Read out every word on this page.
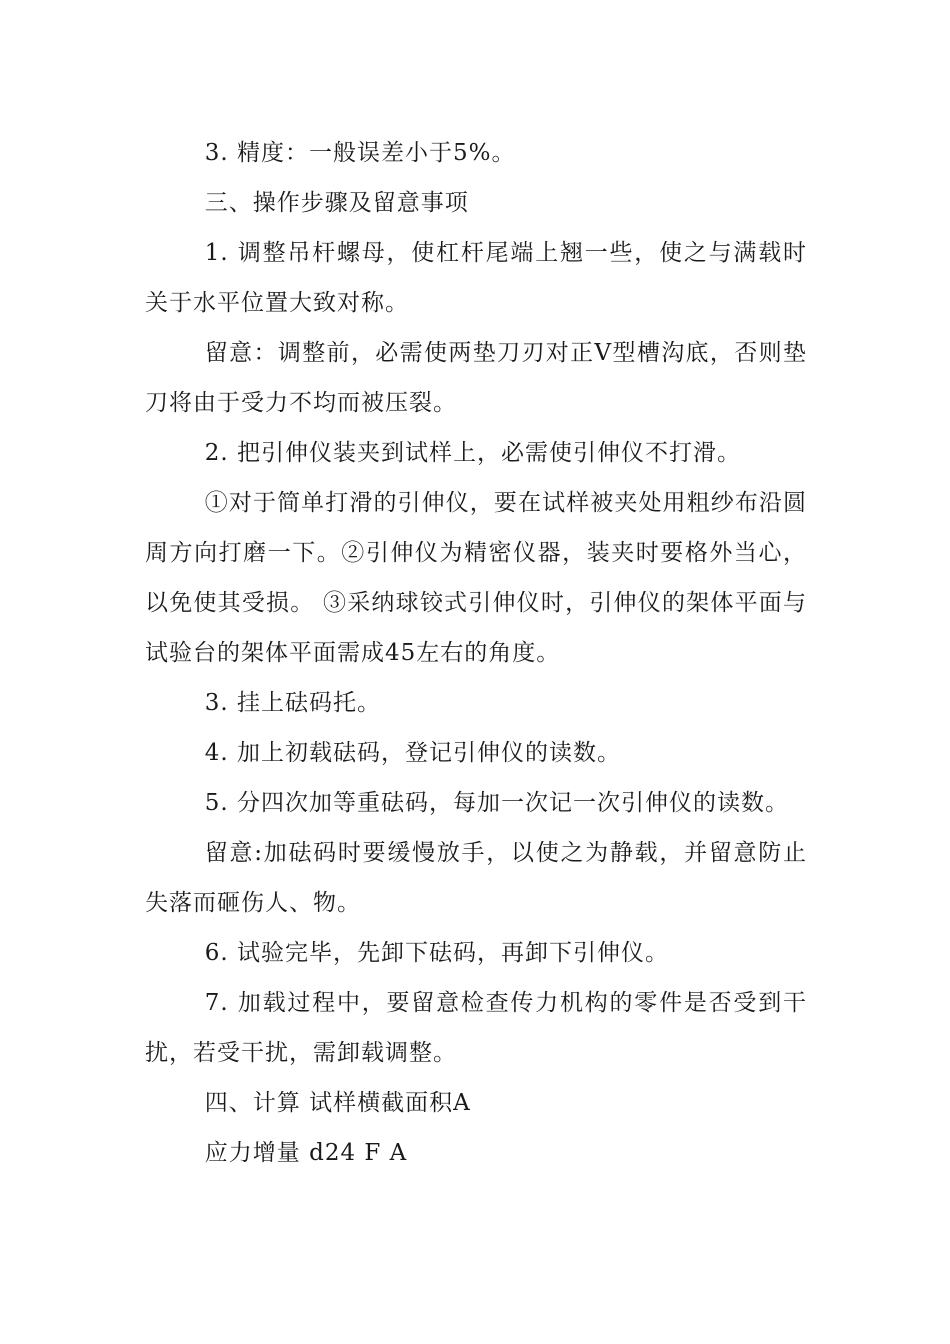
3. 精度：一般误差小于5%。

三、操作步骤及留意事项

1. 调整吊杆螺母，使杠杆尾端上翘一些，使之与满载时关于水平位置大致对称。

留意：调整前，必需使两垫刀刃对正V型槽沟底，否则垫刀将由于受力不均而被压裂。

2. 把引伸仪装夹到试样上，必需使引伸仪不打滑。

①对于简单打滑的引伸仪，要在试样被夹处用粗纱布沿圆周方向打磨一下。②引伸仪为精密仪器，装夹时要格外当心，以免使其受损。 ③采纳球铰式引伸仪时，引伸仪的架体平面与试验台的架体平面需成45左右的角度。

3. 挂上砝码托。

4. 加上初载砝码，登记引伸仪的读数。

5. 分四次加等重砝码，每加一次记一次引伸仪的读数。

留意:加砝码时要缓慢放手，以使之为静载，并留意防止失落而砸伤人、物。

6. 试验完毕，先卸下砝码，再卸下引伸仪。

7. 加载过程中，要留意检查传力机构的零件是否受到干扰，若受干扰，需卸载调整。

四、计算 试样横截面积A

应力增量 d24 F A
